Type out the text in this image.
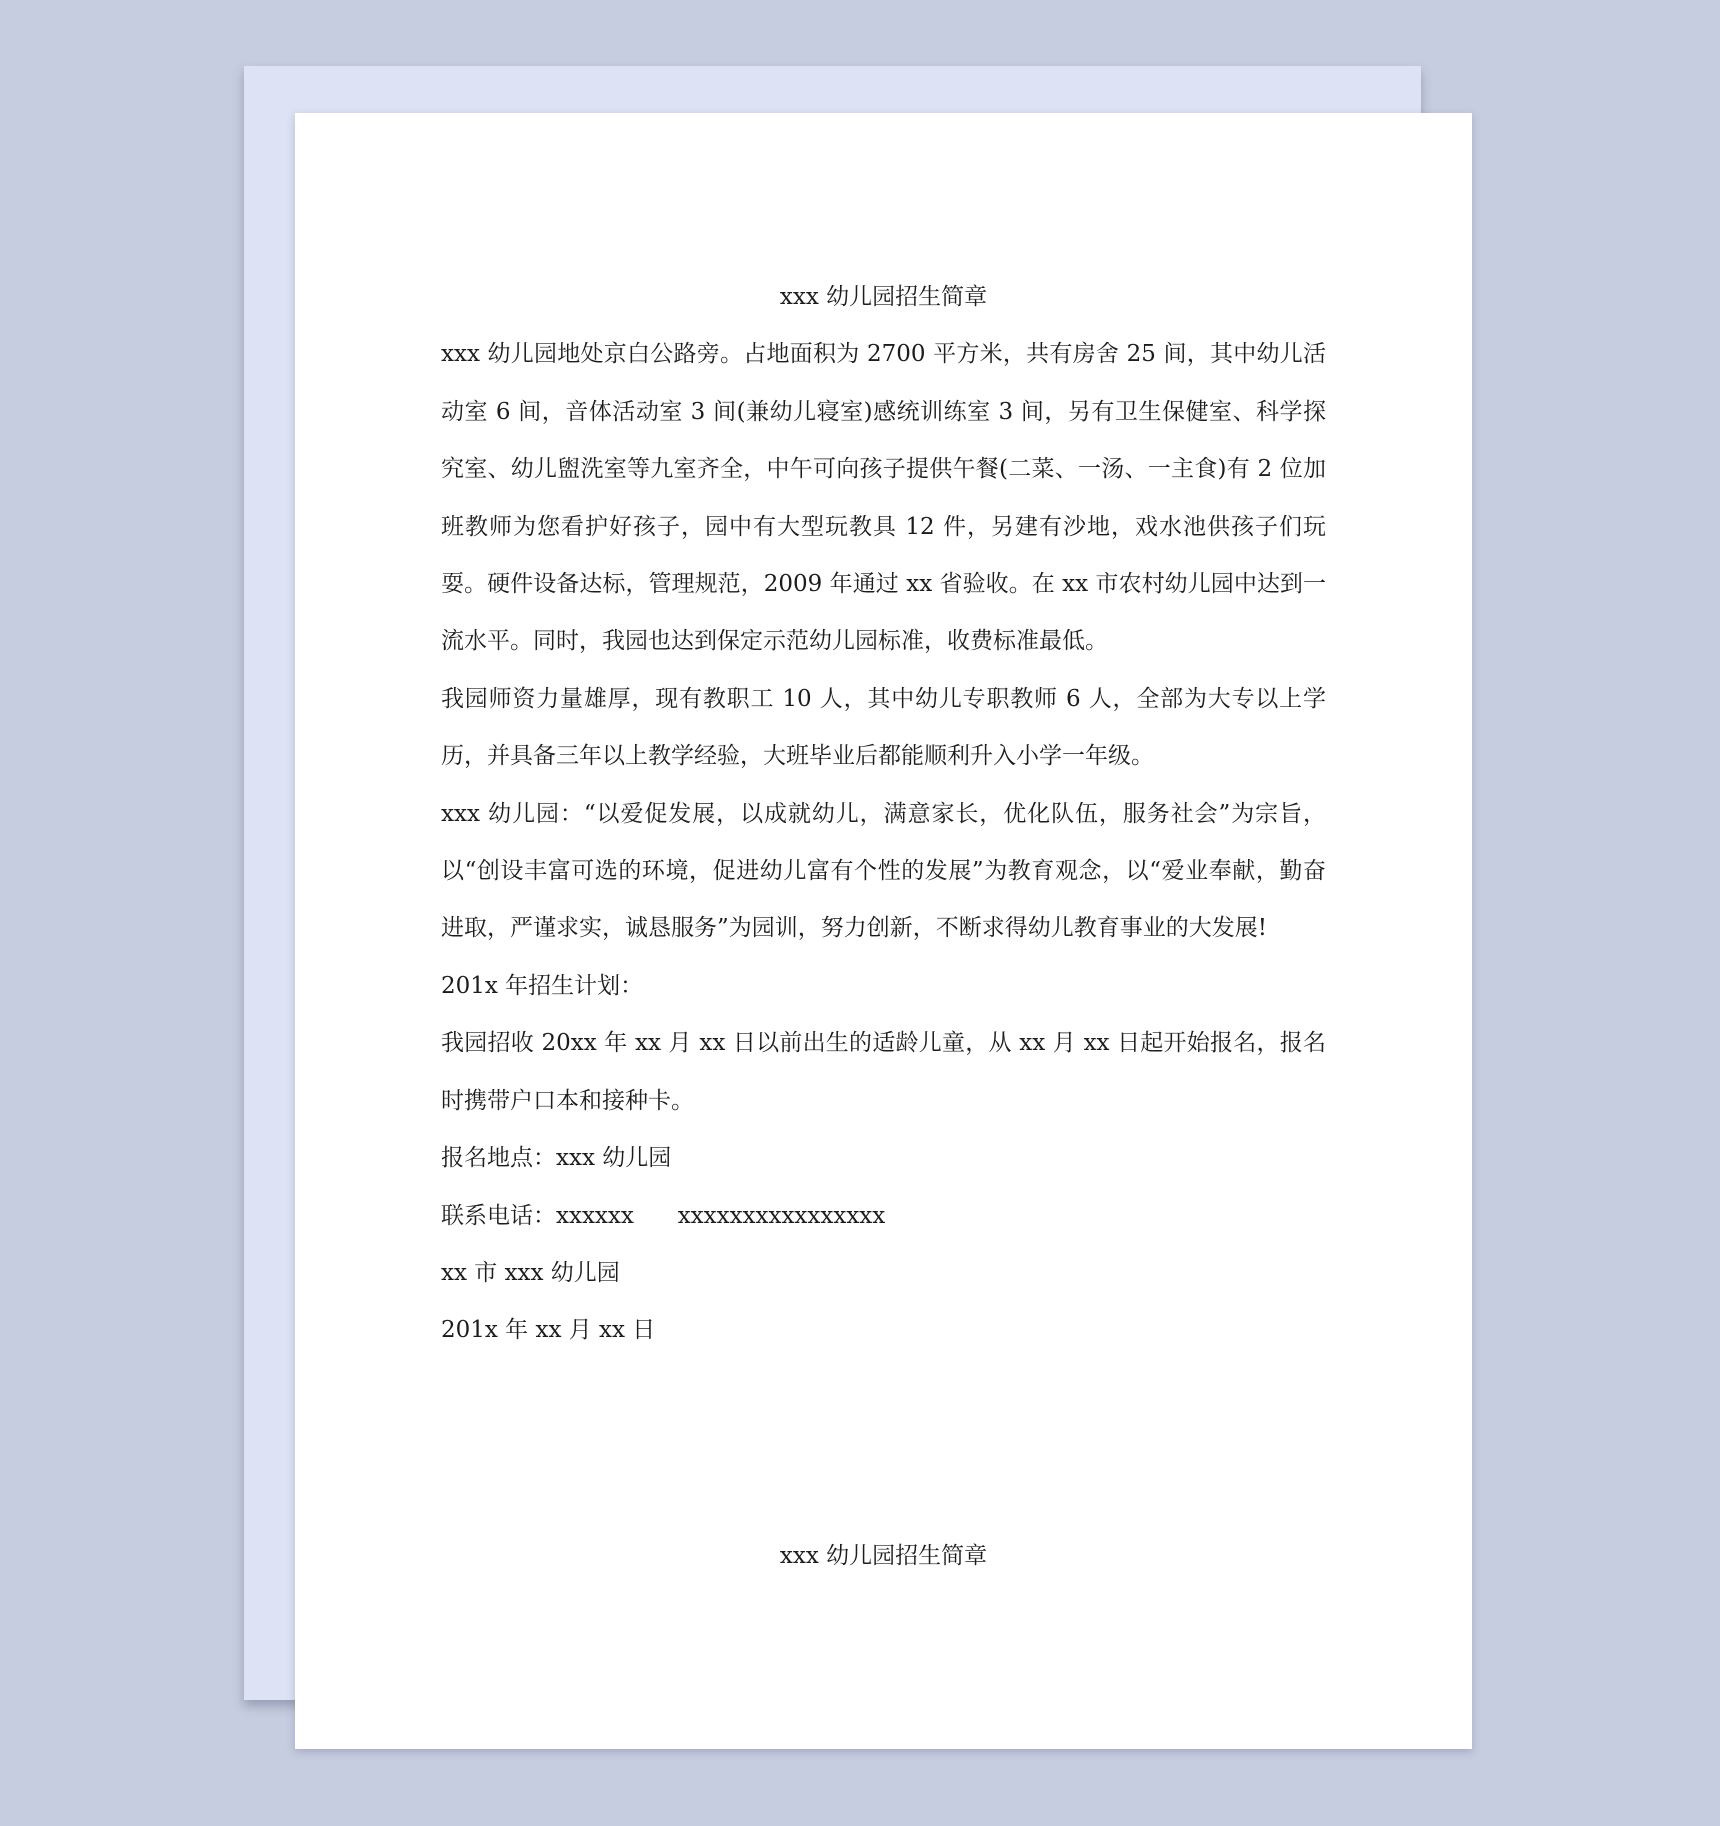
xxx 幼儿园招生简章

xxx 幼儿园地处京白公路旁。占地面积为 2700 平方米，共有房舍 25 间，其中幼儿活动室 6 间，音体活动室 3 间(兼幼儿寝室)感统训练室 3 间，另有卫生保健室、科学探究室、幼儿盥洗室等九室齐全，中午可向孩子提供午餐(二菜、一汤、一主食)有 2 位加班教师为您看护好孩子，园中有大型玩教具 12 件，另建有沙地，戏水池供孩子们玩耍。硬件设备达标，管理规范，2009 年通过 xx 省验收。在 xx 市农村幼儿园中达到一流水平。同时，我园也达到保定示范幼儿园标准，收费标准最低。

我园师资力量雄厚，现有教职工 10 人，其中幼儿专职教师 6 人，全部为大专以上学历，并具备三年以上教学经验，大班毕业后都能顺利升入小学一年级。

xxx 幼儿园：“以爱促发展，以成就幼儿，满意家长，优化队伍，服务社会”为宗旨，以“创设丰富可选的环境，促进幼儿富有个性的发展”为教育观念，以“爱业奉献，勤奋进取，严谨求实，诚恳服务”为园训，努力创新，不断求得幼儿教育事业的大发展!

201x 年招生计划：

我园招收 20xx 年 xx 月 xx 日以前出生的适龄儿童，从 xx 月 xx 日起开始报名，报名时携带户口本和接种卡。

报名地点：xxx 幼儿园

联系电话：xxxxxx      xxxxxxxxxxxxxxxx

xx 市 xxx 幼儿园

201x 年 xx 月 xx 日

xxx 幼儿园招生简章
